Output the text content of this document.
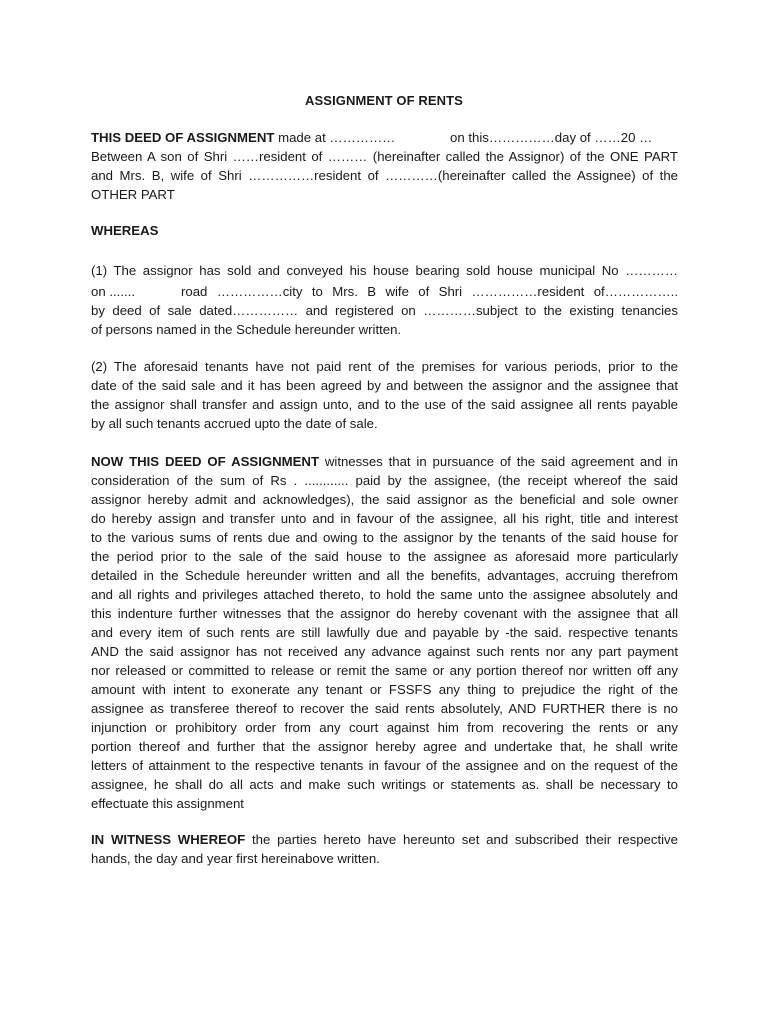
ASSIGNMENT OF RENTS
THIS DEED OF ASSIGNMENT made at ……………	on this……………day of ……20 …
Between A son of Shri ……resident of ……… (hereinafter called the Assignor) of the ONE PART
and Mrs. B, wife of Shri ……………resident of …………(hereinafter called the Assignee) of the
OTHER PART
WHEREAS
(1) The assignor has sold and conveyed his house bearing sold house municipal No …………
on .......	road ……………city to Mrs. B wife of Shri ……………resident of……………..
by deed of sale dated…………… and registered on …………subject to the existing tenancies
of persons named in the Schedule hereunder written.
(2) The aforesaid tenants have not paid rent of the premises for various periods, prior to the
date of the said sale and it has been agreed by and between the assignor and the assignee that
the assignor shall transfer and assign unto, and to the use of the said assignee all rents payable
by all such tenants accrued upto the date of sale.
NOW THIS DEED OF ASSIGNMENT witnesses that in pursuance of the said agreement and in
consideration of the sum of Rs . ............ paid by the assignee, (the receipt whereof the said
assignor hereby admit and acknowledges), the said assignor as the beneficial and sole owner
do hereby assign and transfer unto and in favour of the assignee, all his right, title and interest
to the various sums of rents due and owing to the assignor by the tenants of the said house for
the period prior to the sale of the said house to the assignee as aforesaid more particularly
detailed in the Schedule hereunder written and all the benefits, advantages, accruing therefrom
and all rights and privileges attached thereto, to hold the same unto the assignee absolutely and
this indenture further witnesses that the assignor do hereby covenant with the assignee that all
and every item of such rents are still lawfully due and payable by -the said. respective tenants
AND the said assignor has not received any advance against such rents nor any part payment
nor released or committed to release or remit the same or any portion thereof nor written off any
amount with intent to exonerate any tenant or FSSFS any thing to prejudice the right of the
assignee as transferee thereof to recover the said rents absolutely, AND FURTHER there is no
injunction or prohibitory order from any court against him from recovering the rents or any
portion thereof and further that the assignor hereby agree and undertake that, he shall write
letters of attainment to the respective tenants in favour of the assignee and on the request of the
assignee, he shall do all acts and make such writings or statements as. shall be necessary to
effectuate this assignment
IN WITNESS WHEREOF the parties hereto have hereunto set and subscribed their respective
hands, the day and year first hereinabove written.
